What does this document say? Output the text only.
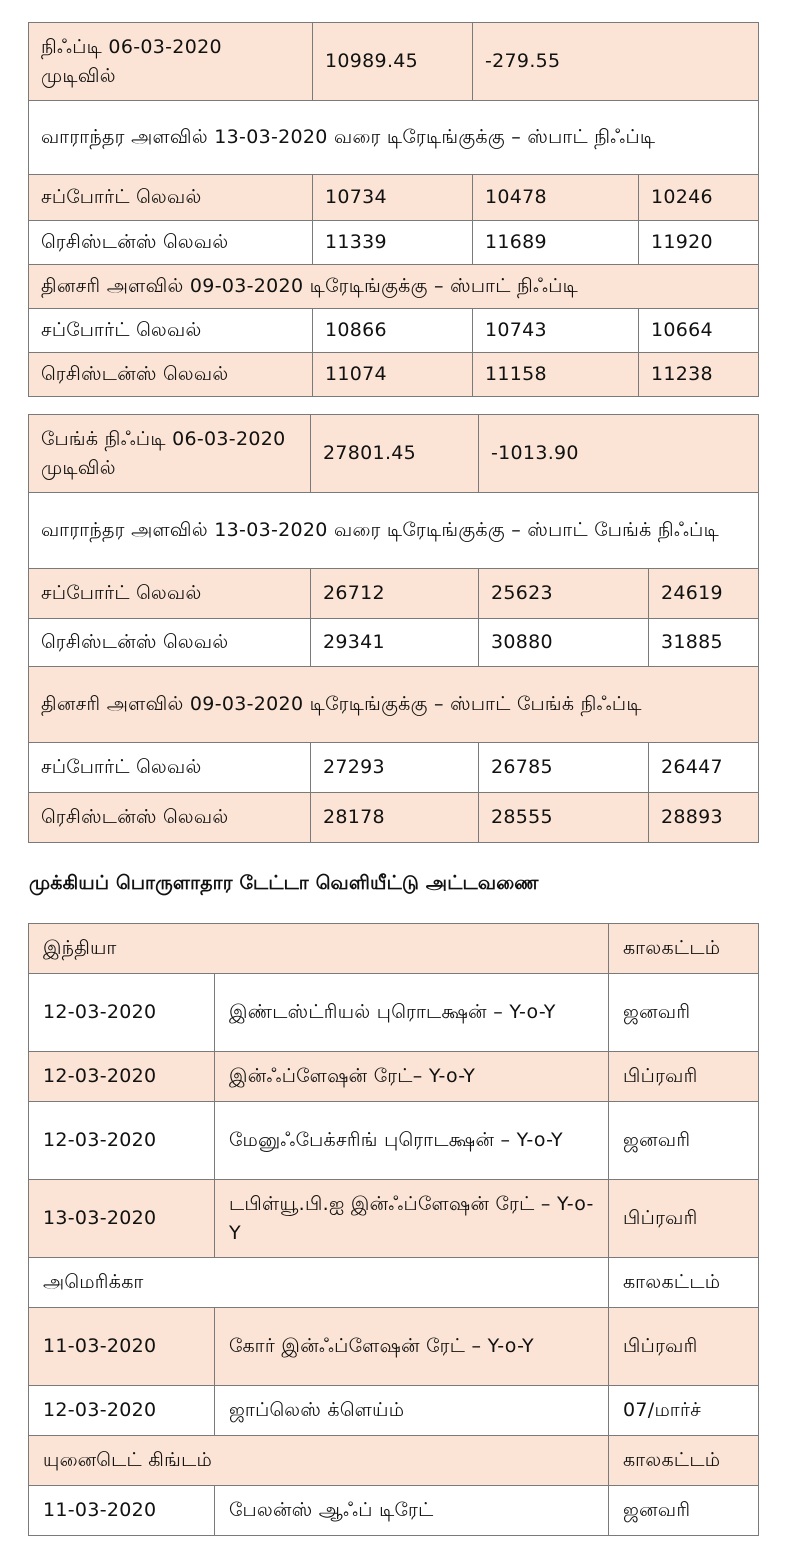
நிஃப்டி 06-03-2020 முடிவில்	10989.45	-279.55	
வாராந்தர அளவில் 13-03-2020 வரை டிரேடிங்குக்கு – ஸ்பாட் நிஃப்டி			
சப்போர்ட் லெவல்	10734	10478	10246
ரெசிஸ்டன்ஸ் லெவல்	11339	11689	11920
தினசரி அளவில் 09-03-2020 டிரேடிங்குக்கு – ஸ்பாட் நிஃப்டி			
சப்போர்ட் லெவல்	10866	10743	10664
ரெசிஸ்டன்ஸ் லெவல்	11074	11158	11238
பேங்க் நிஃப்டி 06-03-2020 முடிவில்	27801.45	-1013.90	
வாராந்தர அளவில் 13-03-2020 வரை டிரேடிங்குக்கு – ஸ்பாட் பேங்க் நிஃப்டி			
சப்போர்ட் லெவல்	26712	25623	24619
ரெசிஸ்டன்ஸ் லெவல்	29341	30880	31885
தினசரி அளவில் 09-03-2020 டிரேடிங்குக்கு – ஸ்பாட் பேங்க் நிஃப்டி			
சப்போர்ட் லெவல்	27293	26785	26447
ரெசிஸ்டன்ஸ் லெவல்	28178	28555	28893
முக்கியப் பொருளாதார டேட்டா வெளியீட்டு அட்டவணை
இந்தியா		காலகட்டம்
12-03-2020	இண்டஸ்ட்ரியல் புரொடக்ஷன் – Y-o-Y	ஜனவரி
12-03-2020	இன்ஃப்ளேஷன் ரேட்– Y-o-Y	பிப்ரவரி
12-03-2020	மேனுஃபேக்சரிங் புரொடக்ஷன் – Y-o-Y	ஜனவரி
13-03-2020	டபிள்யூ.பி.ஐ இன்ஃப்ளேஷன் ரேட் – Y-o-Y	பிப்ரவரி
அமெரிக்கா		காலகட்டம்
11-03-2020	கோர் இன்ஃப்ளேஷன் ரேட் – Y-o-Y	பிப்ரவரி
12-03-2020	ஜாப்லெஸ் க்ளெய்ம்	07/மார்ச்
யுனைடெட் கிங்டம்		காலகட்டம்
11-03-2020	பேலன்ஸ் ஆஃப் டிரேட்	ஜனவரி
